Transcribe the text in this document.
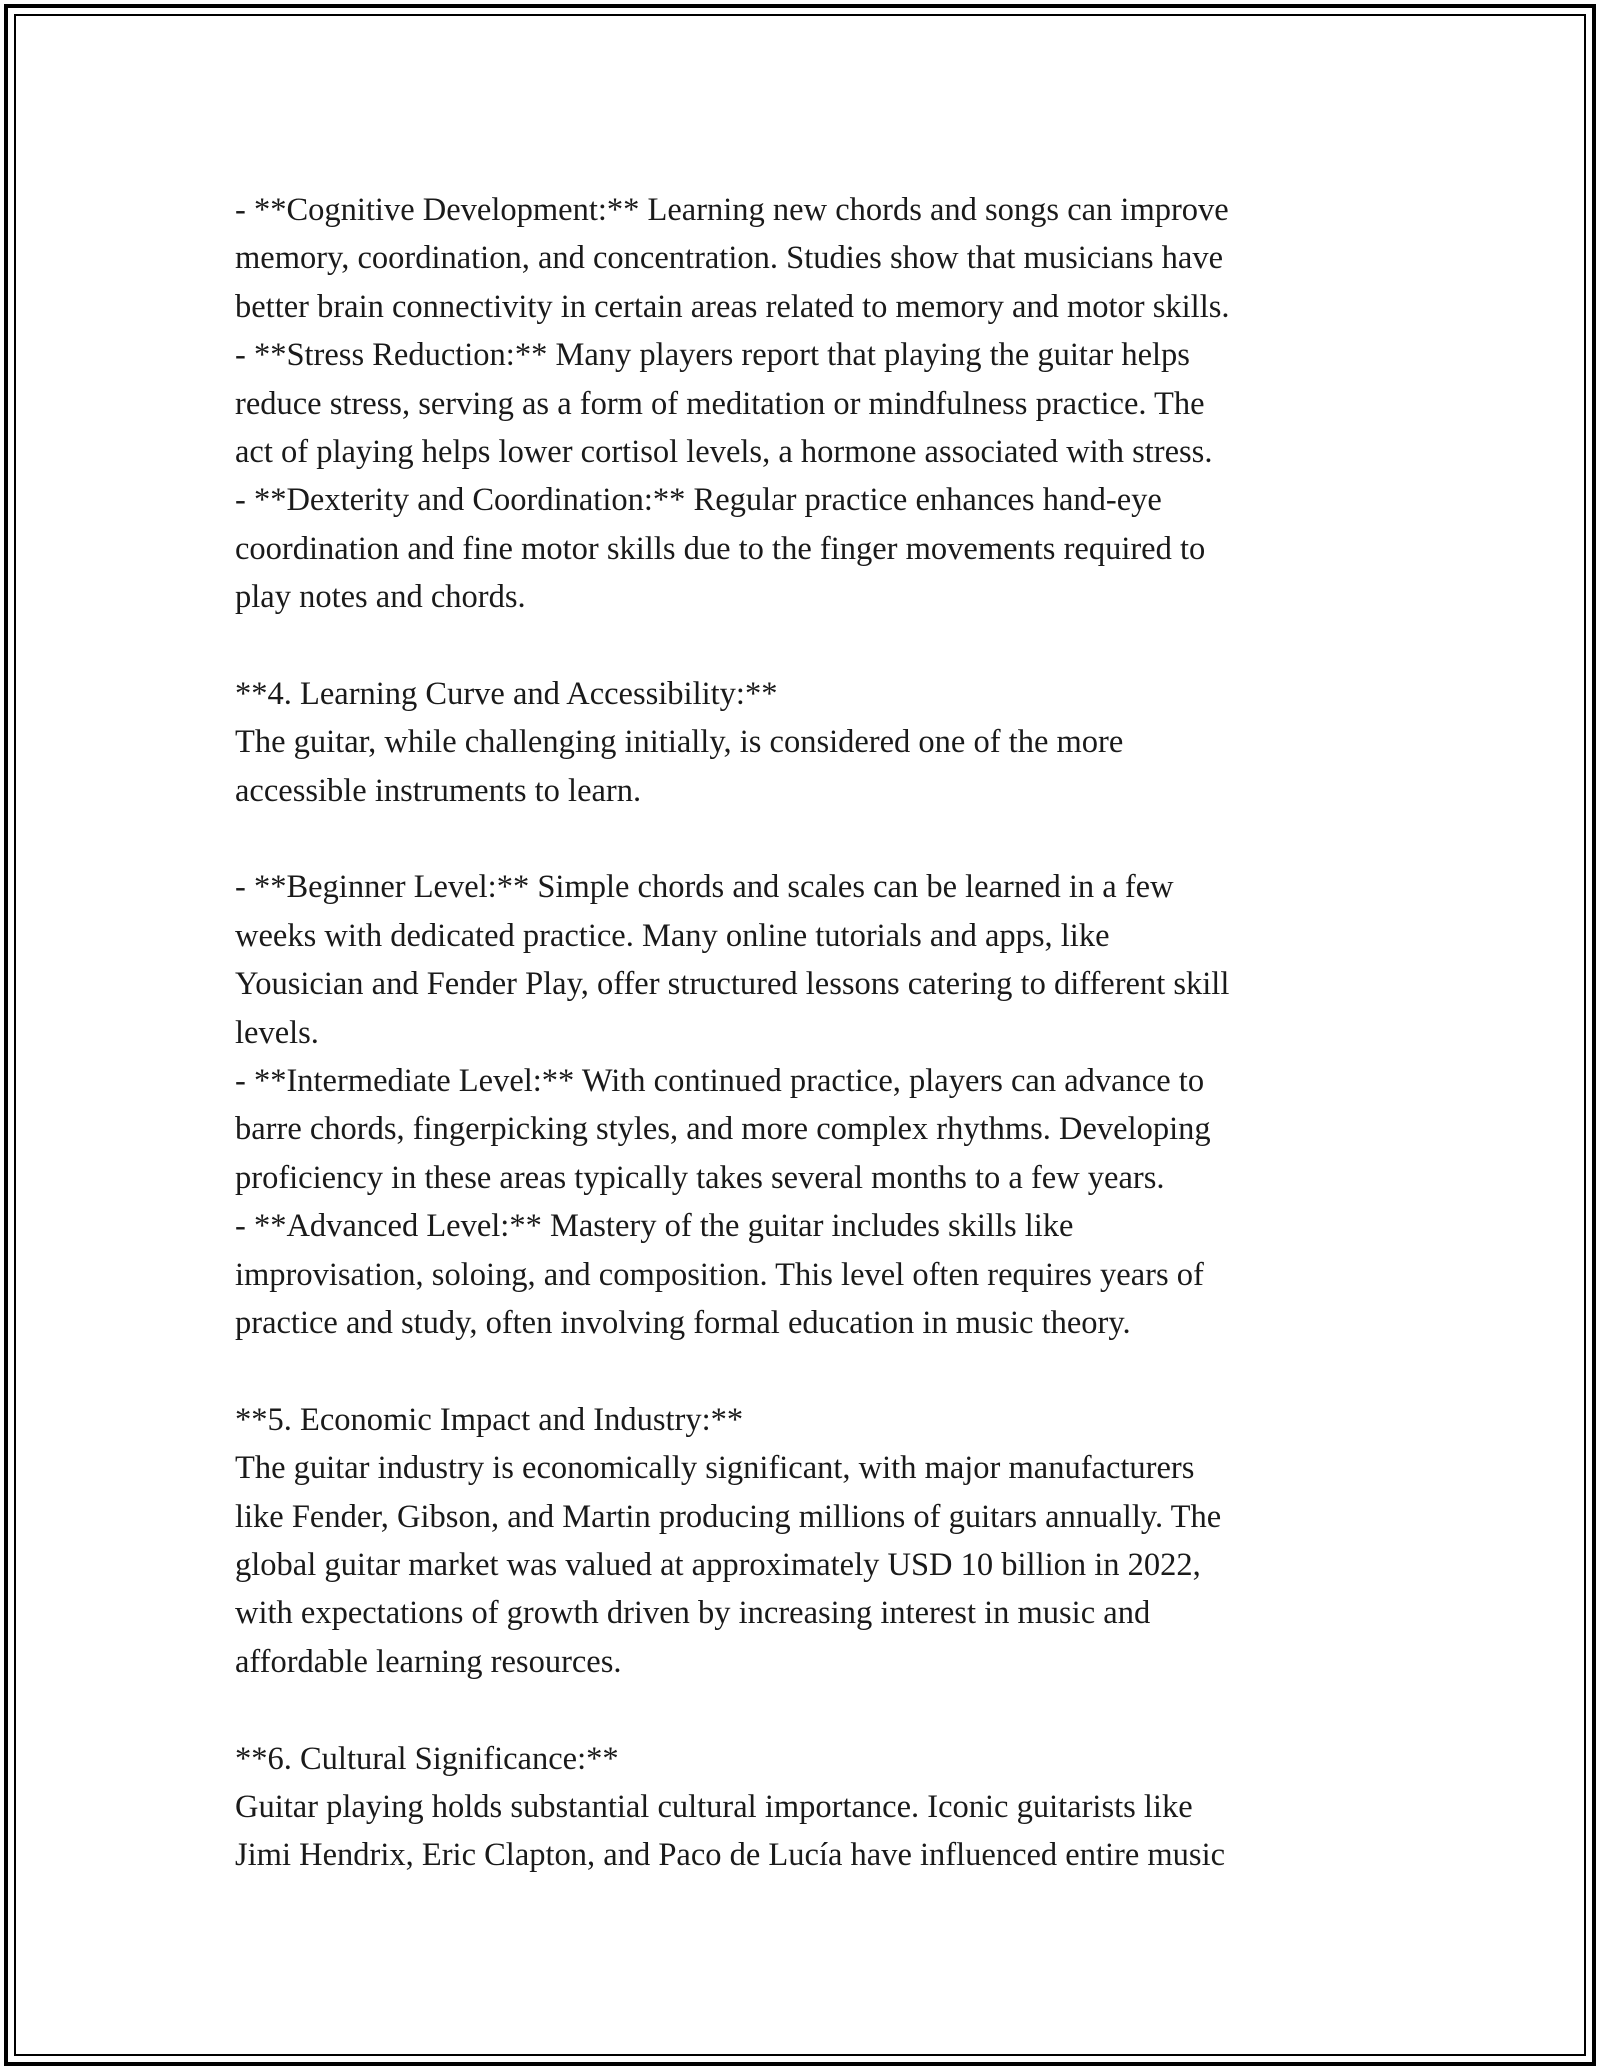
- **Cognitive Development:** Learning new chords and songs can improve
memory, coordination, and concentration. Studies show that musicians have
better brain connectivity in certain areas related to memory and motor skills.
- **Stress Reduction:** Many players report that playing the guitar helps
reduce stress, serving as a form of meditation or mindfulness practice. The
act of playing helps lower cortisol levels, a hormone associated with stress.
- **Dexterity and Coordination:** Regular practice enhances hand-eye
coordination and fine motor skills due to the finger movements required to
play notes and chords.
**4. Learning Curve and Accessibility:**
The guitar, while challenging initially, is considered one of the more
accessible instruments to learn.
- **Beginner Level:** Simple chords and scales can be learned in a few
weeks with dedicated practice. Many online tutorials and apps, like
Yousician and Fender Play, offer structured lessons catering to different skill
levels.
- **Intermediate Level:** With continued practice, players can advance to
barre chords, fingerpicking styles, and more complex rhythms. Developing
proficiency in these areas typically takes several months to a few years.
- **Advanced Level:** Mastery of the guitar includes skills like
improvisation, soloing, and composition. This level often requires years of
practice and study, often involving formal education in music theory.
**5. Economic Impact and Industry:**
The guitar industry is economically significant, with major manufacturers
like Fender, Gibson, and Martin producing millions of guitars annually. The
global guitar market was valued at approximately USD 10 billion in 2022,
with expectations of growth driven by increasing interest in music and
affordable learning resources.
**6. Cultural Significance:**
Guitar playing holds substantial cultural importance. Iconic guitarists like
Jimi Hendrix, Eric Clapton, and Paco de Lucía have influenced entire music
